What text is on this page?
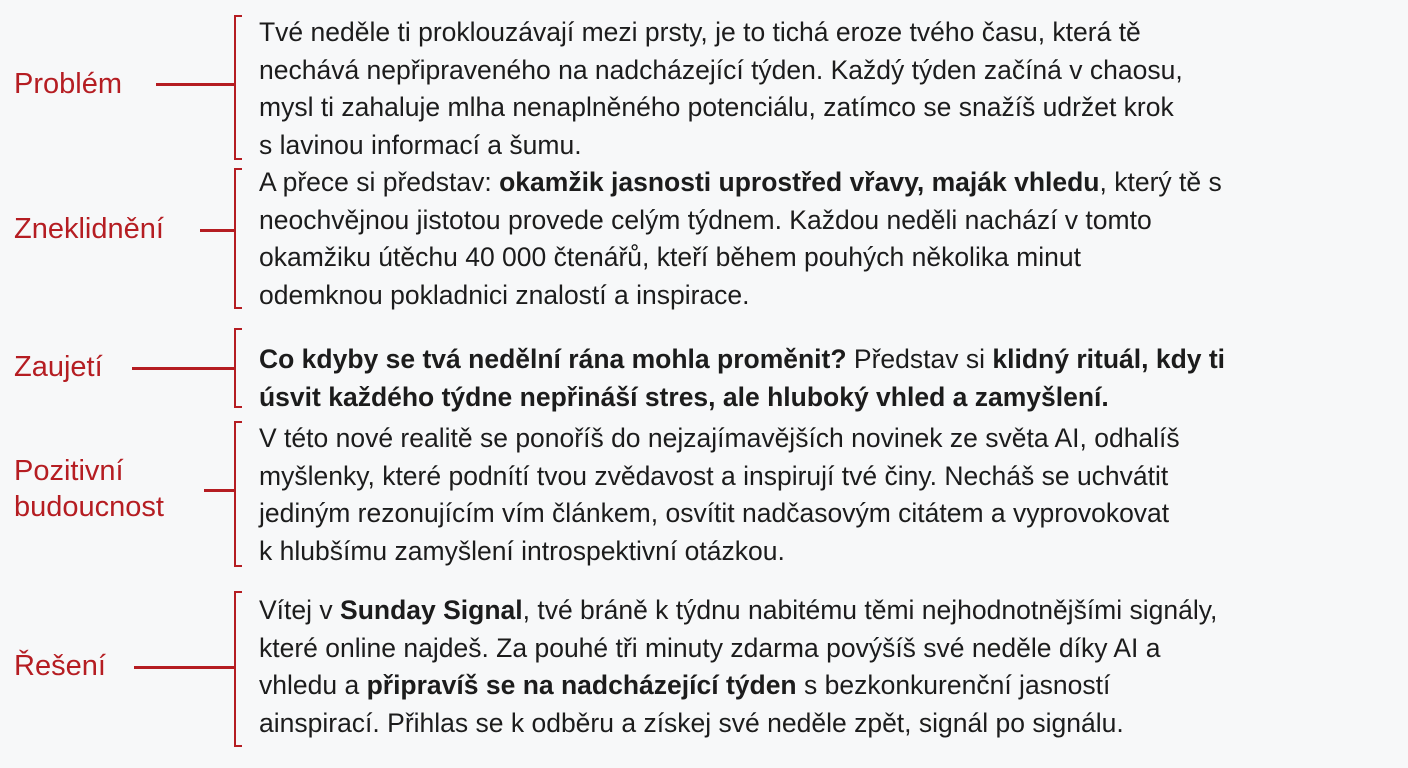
Problém
Tvé neděle ti proklouzávají mezi prsty, je to tichá eroze tvého času, která tě
nechává nepřipraveného na nadcházející týden. Každý týden začíná v chaosu,
mysl ti zahaluje mlha nenaplněného potenciálu, zatímco se snažíš udržet krok
s lavinou informací a šumu.
Zneklidnění
A přece si představ: okamžik jasnosti uprostřed vřavy, maják vhledu, který tě s
neochvějnou jistotou provede celým týdnem. Každou neděli nachází v tomto
okamžiku útěchu 40 000 čtenářů, kteří během pouhých několika minut
odemknou pokladnici znalostí a inspirace.
Zaujetí	Co kdyby se tvá nedělní rána mohla proměnit? Představ si klidný rituál, kdy ti
úsvit každého týdne nepřináší stres, ale hluboký vhled a zamyšlení.
Pozitivní
budoucnost
V této nové realitě se ponoříš do nejzajímavějších novinek ze světa AI, odhalíš
myšlenky, které podnítí tvou zvědavost a inspirují tvé činy. Necháš se uchvátit
jediným rezonujícím vím článkem, osvítit nadčasovým citátem a vyprovokovat
k hlubšímu zamyšlení introspektivní otázkou.
Řešení
Vítej v Sunday Signal, tvé bráně k týdnu nabitému těmi nejhodnotnějšími signály,
které online najdeš. Za pouhé tři minuty zdarma povýšíš své neděle díky AI a
vhledu a připravíš se na nadcházející týden s bezkonkurenční jasností
ainspirací. Přihlas se k odběru a získej své neděle zpět, signál po signálu.
